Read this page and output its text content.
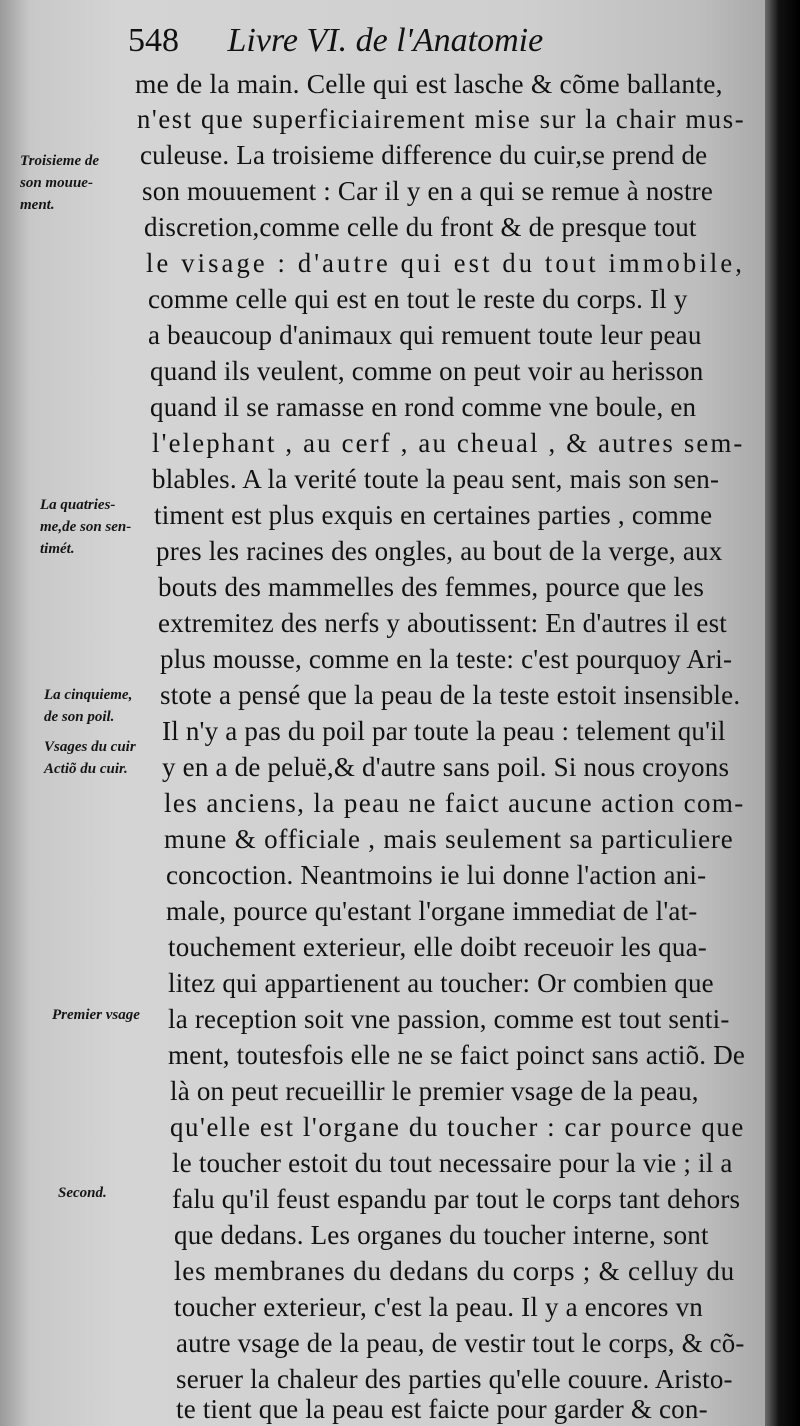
548 Livre VI. de l'Anatomie
me de la main. Celle qui est lasche & cõme ballante,
n'est que superficiairement mise sur la chair mus-
culeuse. La troisieme difference du cuir,se prend de
son mouuement : Car il y en a qui se remue à nostre
discretion,comme celle du front & de presque tout
le visage : d'autre qui est du tout immobile,
comme celle qui est en tout le reste du corps. Il y
a beaucoup d'animaux qui remuent toute leur peau
quand ils veulent, comme on peut voir au herisson
quand il se ramasse en rond comme vne boule, en
l'elephant , au cerf , au cheual , & autres sem-
blables. A la verité toute la peau sent, mais son sen-
timent est plus exquis en certaines parties , comme
pres les racines des ongles, au bout de la verge, aux
bouts des mammelles des femmes, pource que les
extremitez des nerfs y aboutissent: En d'autres il est
plus mousse, comme en la teste: c'est pourquoy Ari-
stote a pensé que la peau de la teste estoit insensible.
Il n'y a pas du poil par toute la peau : telement qu'il
y en a de peluë,& d'autre sans poil. Si nous croyons
les anciens, la peau ne faict aucune action com-
mune & officiale , mais seulement sa particuliere
concoction. Neantmoins ie lui donne l'action ani-
male, pource qu'estant l'organe immediat de l'at-
touchement exterieur, elle doibt receuoir les qua-
litez qui appartienent au toucher: Or combien que
la reception soit vne passion, comme est tout senti-
ment, toutesfois elle ne se faict poinct sans actiõ. De
là on peut recueillir le premier vsage de la peau,
qu'elle est l'organe du toucher : car pource que
le toucher estoit du tout necessaire pour la vie ; il a
falu qu'il feust espandu par tout le corps tant dehors
que dedans. Les organes du toucher interne, sont
les membranes du dedans du corps ; & celluy du
toucher exterieur, c'est la peau. Il y a encores vn
autre vsage de la peau, de vestir tout le corps, & cõ-
seruer la chaleur des parties qu'elle couure. Aristo-
te tient que la peau est faicte pour garder & con-
Troisieme de
son mouue-
ment.
La quatries-
me,de son sen-
timét.
La cinquieme,
de son poil.
Vsages du cuir
Actiõ du cuir.
Premier vsage
Second.
